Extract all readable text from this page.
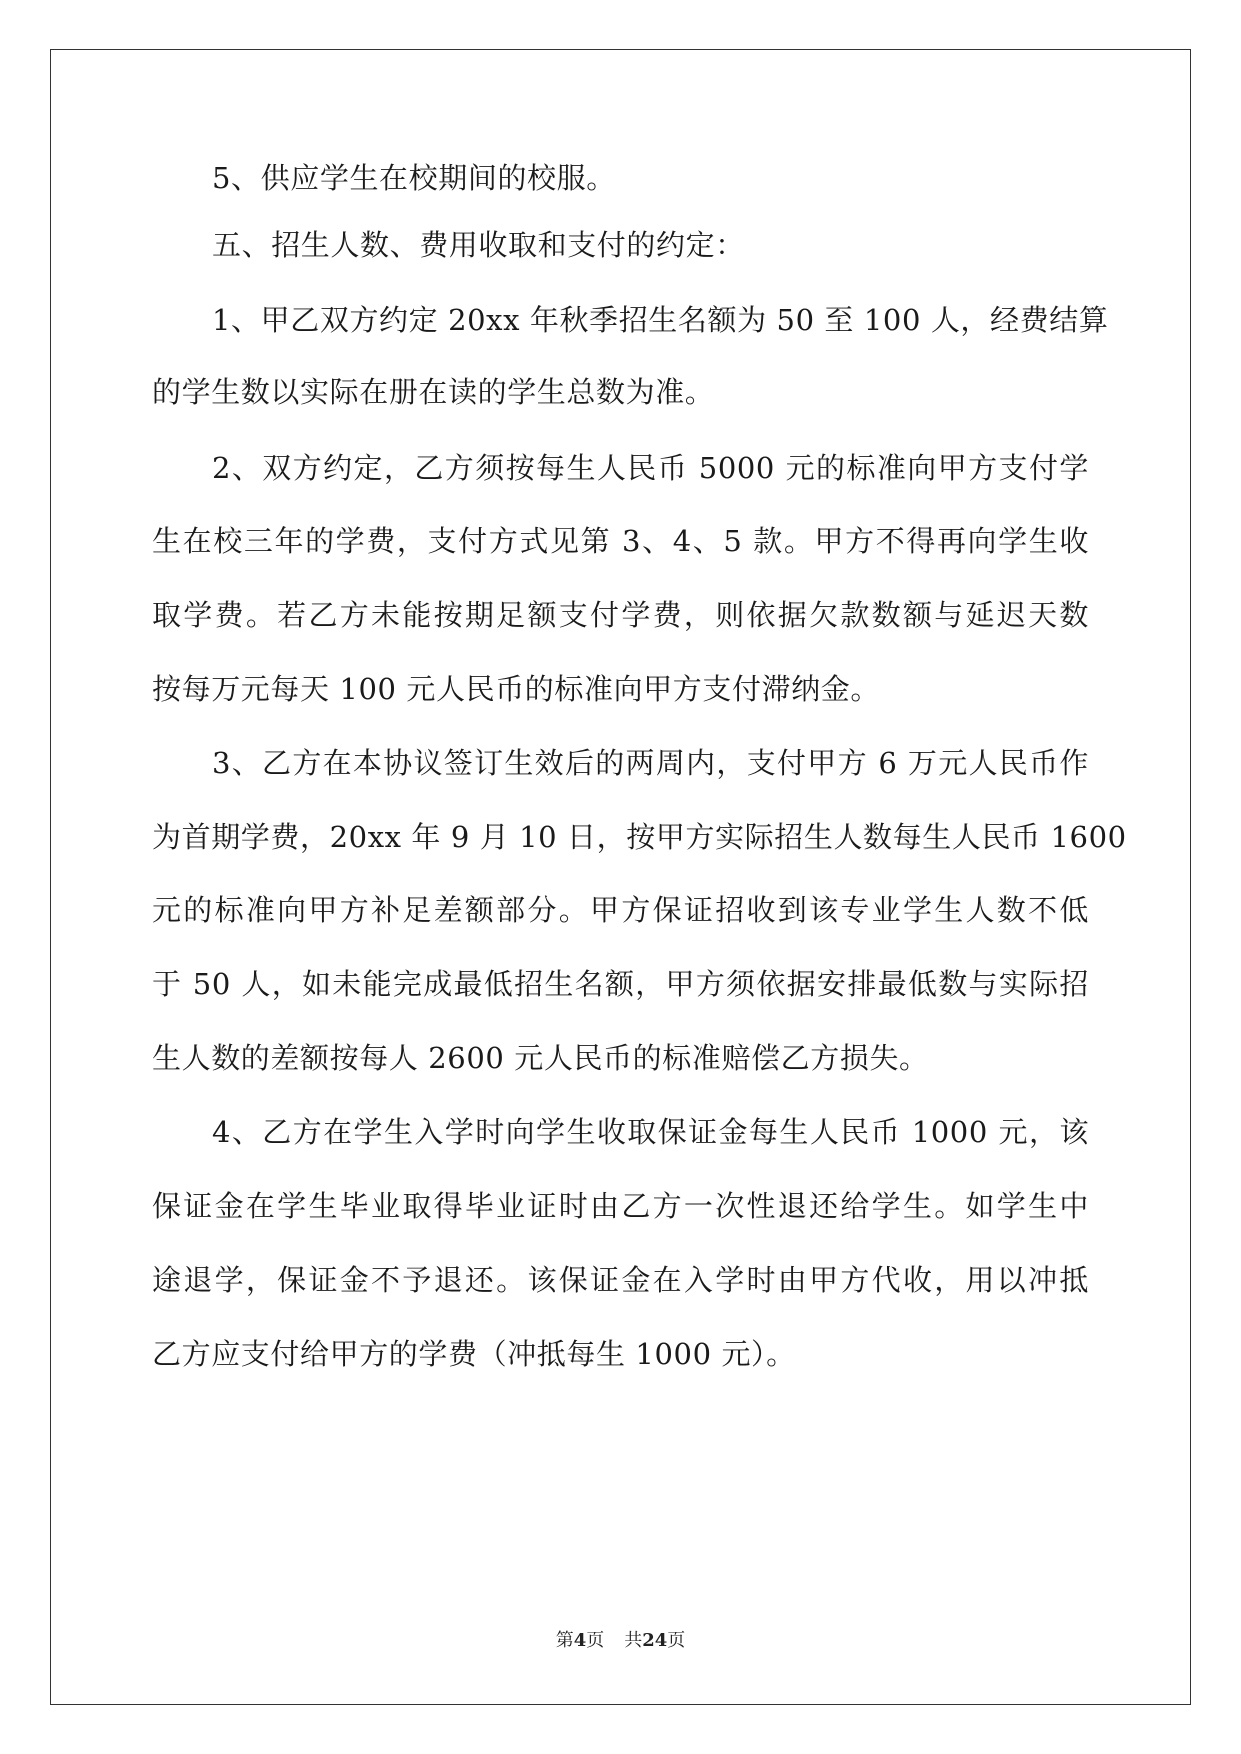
5、供应学生在校期间的校服。
五、招生人数、费用收取和支付的约定：
1、甲乙双方约定 20xx 年秋季招生名额为 50 至 100 人，经费结算
的学生数以实际在册在读的学生总数为准。
2、双方约定，乙方须按每生人民币 5000 元的标准向甲方支付学
生在校三年的学费，支付方式见第 3、4、5 款。甲方不得再向学生收
取学费。若乙方未能按期足额支付学费，则依据欠款数额与延迟天数
按每万元每天 100 元人民币的标准向甲方支付滞纳金。
3、乙方在本协议签订生效后的两周内，支付甲方 6 万元人民币作
为首期学费，20xx 年 9 月 10 日，按甲方实际招生人数每生人民币 1600
元的标准向甲方补足差额部分。甲方保证招收到该专业学生人数不低
于 50 人，如未能完成最低招生名额，甲方须依据安排最低数与实际招
生人数的差额按每人 2600 元人民币的标准赔偿乙方损失。
4、乙方在学生入学时向学生收取保证金每生人民币 1000 元，该
保证金在学生毕业取得毕业证时由乙方一次性退还给学生。如学生中
途退学，保证金不予退还。该保证金在入学时由甲方代收，用以冲抵
乙方应支付给甲方的学费（冲抵每生 1000 元）。
第4页 共24页
